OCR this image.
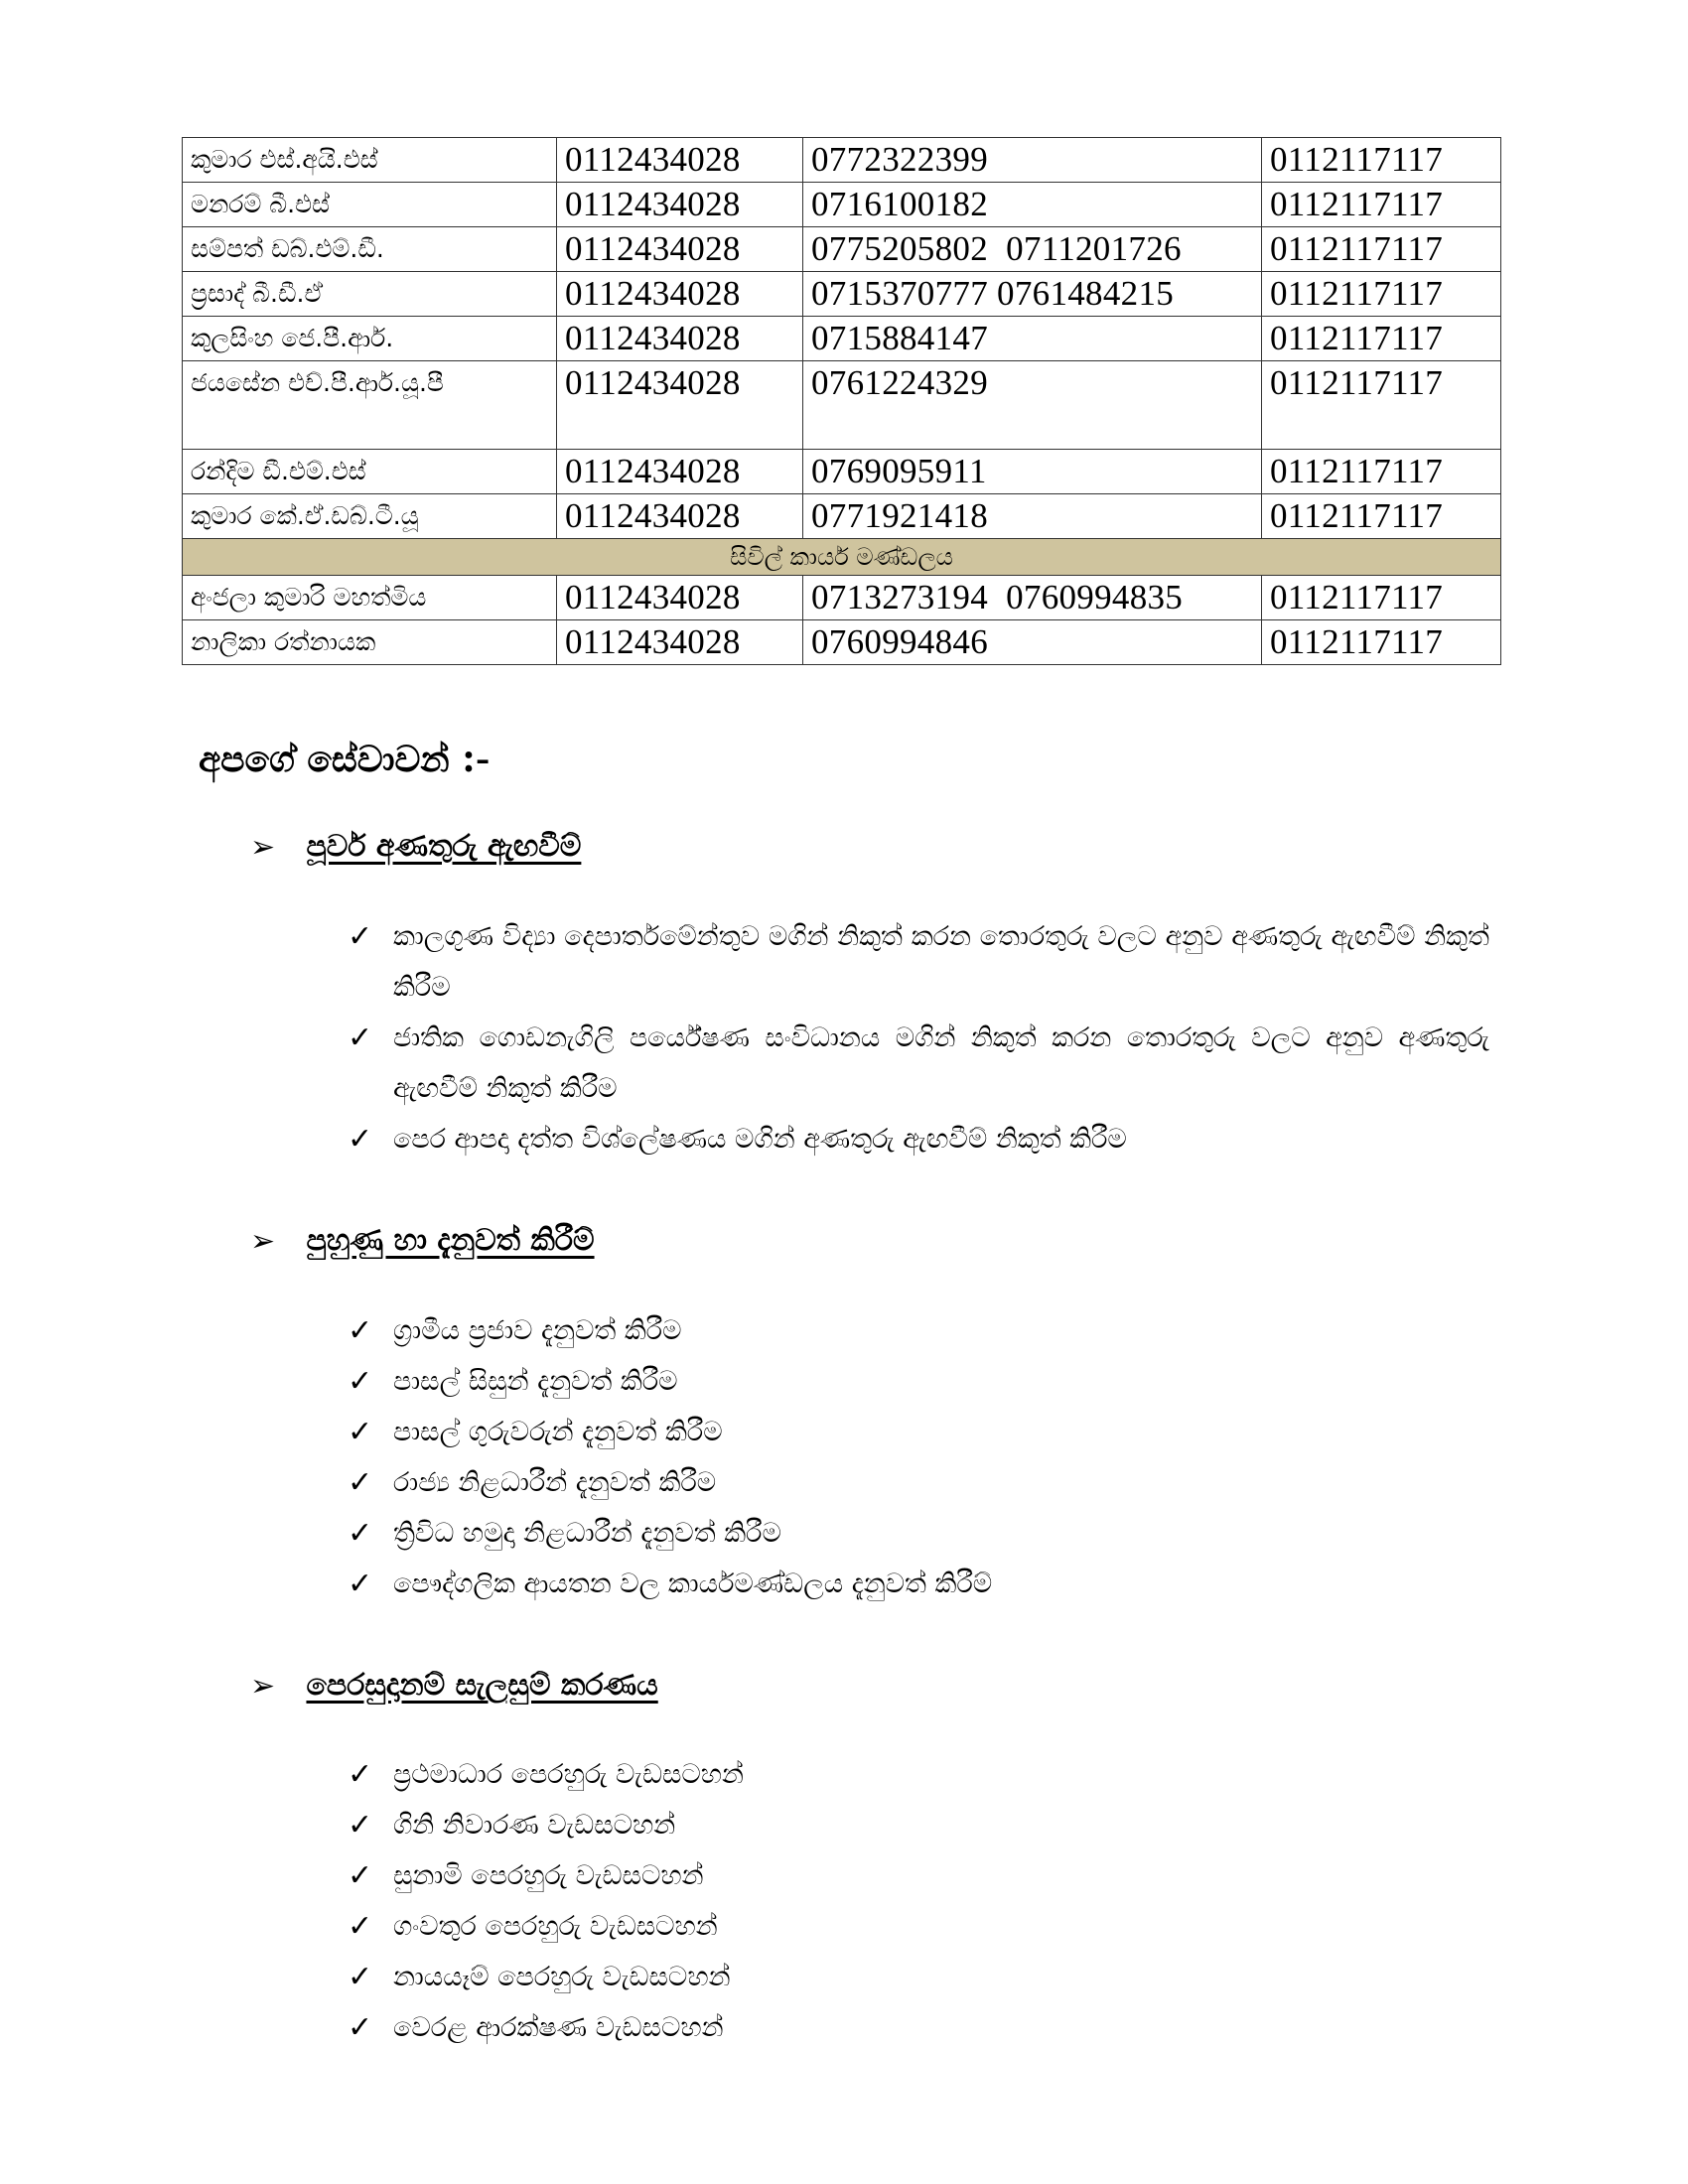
කුමාර එස්.අයි.එස්	0112434028	0772322399	0112117117
මනරම් බී.එස්	0112434028	0716100182	0112117117
සම්පත් ඩබ්.එම්.ඩී.	0112434028	0775205802  0711201726	0112117117
ප්‍රසාද් බී.ඩී.ඒ	0112434028	0715370777 0761484215	0112117117
කුලසිංහ ජෙ.පී.ආර්.	0112434028	0715884147	0112117117
ජයසේන එච්.පී.ආර්.යූ.පී	0112434028	0761224329	0112117117
රන්දිම ඩී.එම්.එස්	0112434028	0769095911	0112117117
කුමාර කේ.ඒ.ඩබ්.ටී.යූ	0112434028	0771921418	0112117117
සිවිල් කාර්ය මණ්ඩලය			
අංජලා කුමාරි මහත්මිය	0112434028	0713273194  0760994835	0112117117
නාලිකා රත්නායක	0112434028	0760994846	0112117117
අපගේ සේවාවන් :-
➢ පූර්ව අණතුරු ඇඟවීම්
✓ කාලගුණ විද්‍යා දෙපාර්තමේන්තුව මගින් නිකුත් කරන තොරතුරු වලට අනුව අණතුරු ඇඟවීම් නිකුත් කිරීම
✓ ජාතික ගොඩනැගිලි පර්යේෂණ සංවිධානය මගින් නිකුත් කරන තොරතුරු වලට අනුව අණතුරු ඇඟවීම් නිකුත් කිරීම
✓ පෙර ආපදා දත්ත විශ්ලේෂණය මගින් අණතුරු ඇඟවීම් නිකුත් කිරීම
➢ පුහුණු හා දැනුවත් කිරීම්
✓ ග්‍රාමීය ප්‍රජාව දැනුවත් කිරීම
✓ පාසල් සිසුන් දැනුවත් කිරීම
✓ පාසල් ගුරුවරුන් දැනුවත් කිරීම
✓ රාජ්‍ය නිළධාරීන් දැනුවත් කිරීම
✓ ත්‍රිවිධ හමුදා නිළධාරීන් දැනුවත් කිරීම
✓ පෞද්ගලික ආයතන වල කාර්යමණ්ඩලය දැනුවත් කිරීම්
➢ පෙරසුදානම් සැලසුම් කරණය
✓ ප්‍රථමාධාර පෙරහුරු වැඩසටහන්
✓ ගිනි නිවාරණ වැඩසටහන්
✓ සුනාමි පෙරහුරු වැඩසටහන්
✓ ගංවතුර පෙරහුරු වැඩසටහන්
✓ නායයෑම් පෙරහුරු වැඩසටහන්
✓ වෙරළ ආරක්ෂණ වැඩසටහන්
